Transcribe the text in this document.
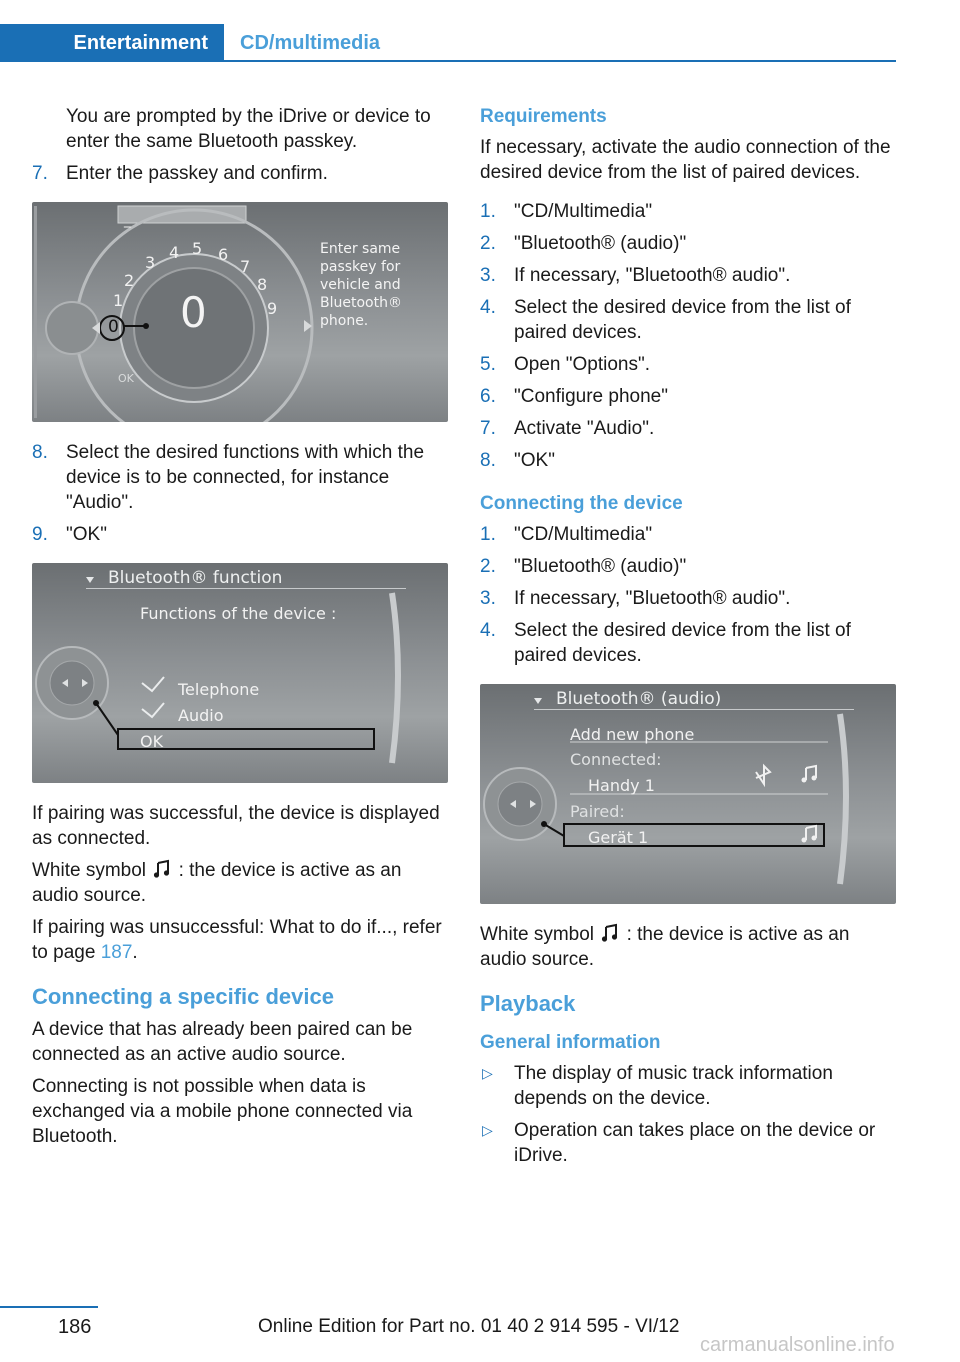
Entertainment	CD/multimedia

You are prompted by the iDrive or device to enter the same Bluetooth passkey.

7. Enter the passkey and confirm.
_
1
2
3
4 5 6
7
8
9
0 0
OK
Enter same
passkey for
vehicle and
Bluetooth®
phone.
8. Select the desired functions with which the device is to be connected, for instance "Audio".
9. "OK"
Bluetooth® function
Functions of the device :
Telephone
Audio
OK

If pairing was successful, the device is displayed as connected.

White symbol : the device is active as an audio source.

If pairing was unsuccessful: What to do if..., refer to page 187.

Connecting a specific device

A device that has already been paired can be connected as an active audio source.

Connecting is not possible when data is exchanged via a mobile phone connected via Bluetooth.

Requirements

If necessary, activate the audio connection of the desired device from the list of paired devices.

1. "CD/Multimedia"
2. "Bluetooth® (audio)"
3. If necessary, "Bluetooth® audio".
4. Select the desired device from the list of paired devices.
5. Open "Options".
6. "Configure phone"
7. Activate "Audio".
8. "OK"
Connecting the device
1. "CD/Multimedia"
2. "Bluetooth® (audio)"
3. If necessary, "Bluetooth® audio".
4. Select the desired device from the list of paired devices.
Bluetooth® (audio)
Add new phone
Connected:
Handy 1
Paired:
Gerät 1

White symbol : the device is active as an audio source.

Playback
General information
▷ The display of music track information depends on the device.
▷ Operation can takes place on the device or iDrive.
186	Online Edition for Part no. 01 40 2 914 595 - VI/12
carmanualsonline.info
